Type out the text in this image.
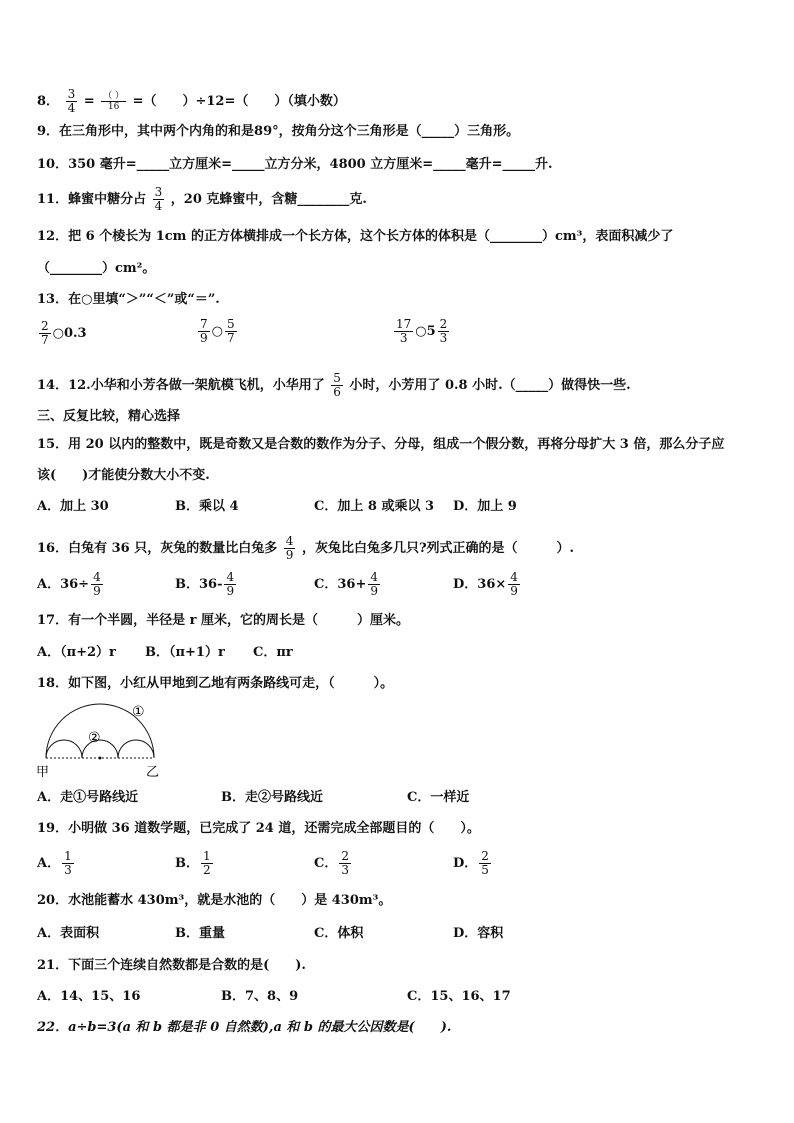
8． $\frac{3}{4} = \frac{( )}{16}$ =（　　）÷12=（　　）（填小数）
9．在三角形中，其中两个内角的和是89°，按角分这个三角形是（_____）三角形。
10．350 毫升=_____立方厘米=_____立方分米，4800 立方厘米=_____毫升=_____升.
11．蜂蜜中糖分占 $\frac{3}{4}$ ，20 克蜂蜜中，含糖________克.
12．把 6 个棱长为 1cm 的正方体横排成一个长方体，这个长方体的体积是（________）cm³，表面积减少了
（________）cm²。
13．在○里填“＞”“＜”或“＝”.
$\frac{2}{7}$ ○0.3	$\frac{7}{9}$ ○ $\frac{5}{7}$	$\frac{17}{3}$ ○5 $\frac{2}{3}$
14．12.小华和小芳各做一架航模飞机，小华用了 $\frac{5}{6}$ 小时，小芳用了 0.8 小时.（_____）做得快一些.
三、反复比较，精心选择
15．用 20 以内的整数中，既是奇数又是合数的数作为分子、分母，组成一个假分数，再将分母扩大 3 倍，那么分子应
该(　　)才能使分数大小不变.
A．加上 30	B．乘以 4	C．加上 8 或乘以 3 D．加上 9
16．白兔有 36 只，灰兔的数量比白兔多 $\frac{4}{9}$ ，灰兔比白兔多几只?列式正确的是（　　　）.
A．$36\div \frac{4}{9}$	B．$36- \frac{4}{9}$	C．$36+ \frac{4}{9}$	D．$36\times \frac{4}{9}$
17．有一个半圆，半径是 r 厘米，它的周长是（　　　）厘米。
A．（π+2）r B．（π+1）r C．πr
18．如下图，小红从甲地到乙地有两条路线可走，（　　　）。
①
②
甲	乙
A．走①号路线近	B．走②号路线近	C．一样近
19．小明做 36 道数学题，已完成了 24 道，还需完成全部题目的（　　）。
A． $\frac{1}{3}$	B． $\frac{1}{2}$	C． $\frac{2}{3}$	D． $\frac{2}{5}$
20．水池能蓄水 430m³，就是水池的（　　）是 430m³。
A．表面积	B．重量	C．体积	D．容积
21．下面三个连续自然数都是合数的是(　　).
A．14、15、16	B．7、8、9	C．15、16、17
22．a÷b=3(a 和 b 都是非 0 自然数),a 和 b 的最大公因数是(　　).
